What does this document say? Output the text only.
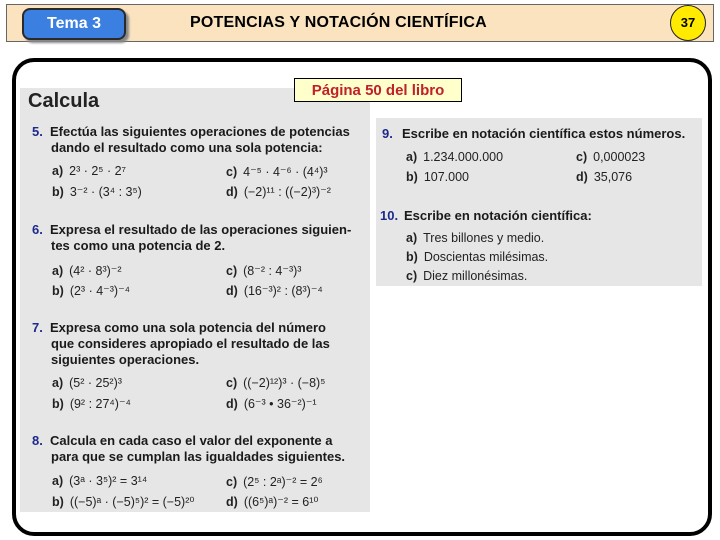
Tema 3	POTENCIAS Y NOTACIÓN CIENTÍFICA	37
Calcula	Página 50 del libro
5. Efectúa las siguientes operaciones de potencias
dando el resultado como una sola potencia:
a) 2³ · 2⁵ · 2⁷	c) 4⁻⁵ · 4⁻⁶ · (4⁴)³
b) 3⁻² · (3⁴ : 3⁵)	d) (−2)¹¹ : ((−2)³)⁻²
6. Expresa el resultado de las operaciones siguien-
tes como una potencia de 2.
a) (4² · 8³)⁻²	c) (8⁻² : 4⁻³)³
b) (2³ · 4⁻³)⁻⁴	d) (16⁻³)² : (8³)⁻⁴
7. Expresa como una sola potencia del número
que consideres apropiado el resultado de las
siguientes operaciones.
a) (5² · 25²)³	c) ((−2)¹²)³ · (−8)⁵
b) (9² : 27⁴)⁻⁴	d) (6⁻³ • 36⁻²)⁻¹
8. Calcula en cada caso el valor del exponente a
para que se cumplan las igualdades siguientes.
a) (3ᵃ · 3⁵)² = 3¹⁴	c) (2⁵ : 2ᵃ)⁻² = 2⁶
b) ((−5)ᵃ · (−5)⁵)² = (−5)²⁰	d) ((6⁵)ᵃ)⁻² = 6¹⁰
9. Escribe en notación científica estos números.
a) 1.234.000.000	c) 0,000023
b) 107.000	d) 35,076
10. Escribe en notación científica:
a) Tres billones y medio.
b) Doscientas milésimas.
c) Diez millonésimas.
